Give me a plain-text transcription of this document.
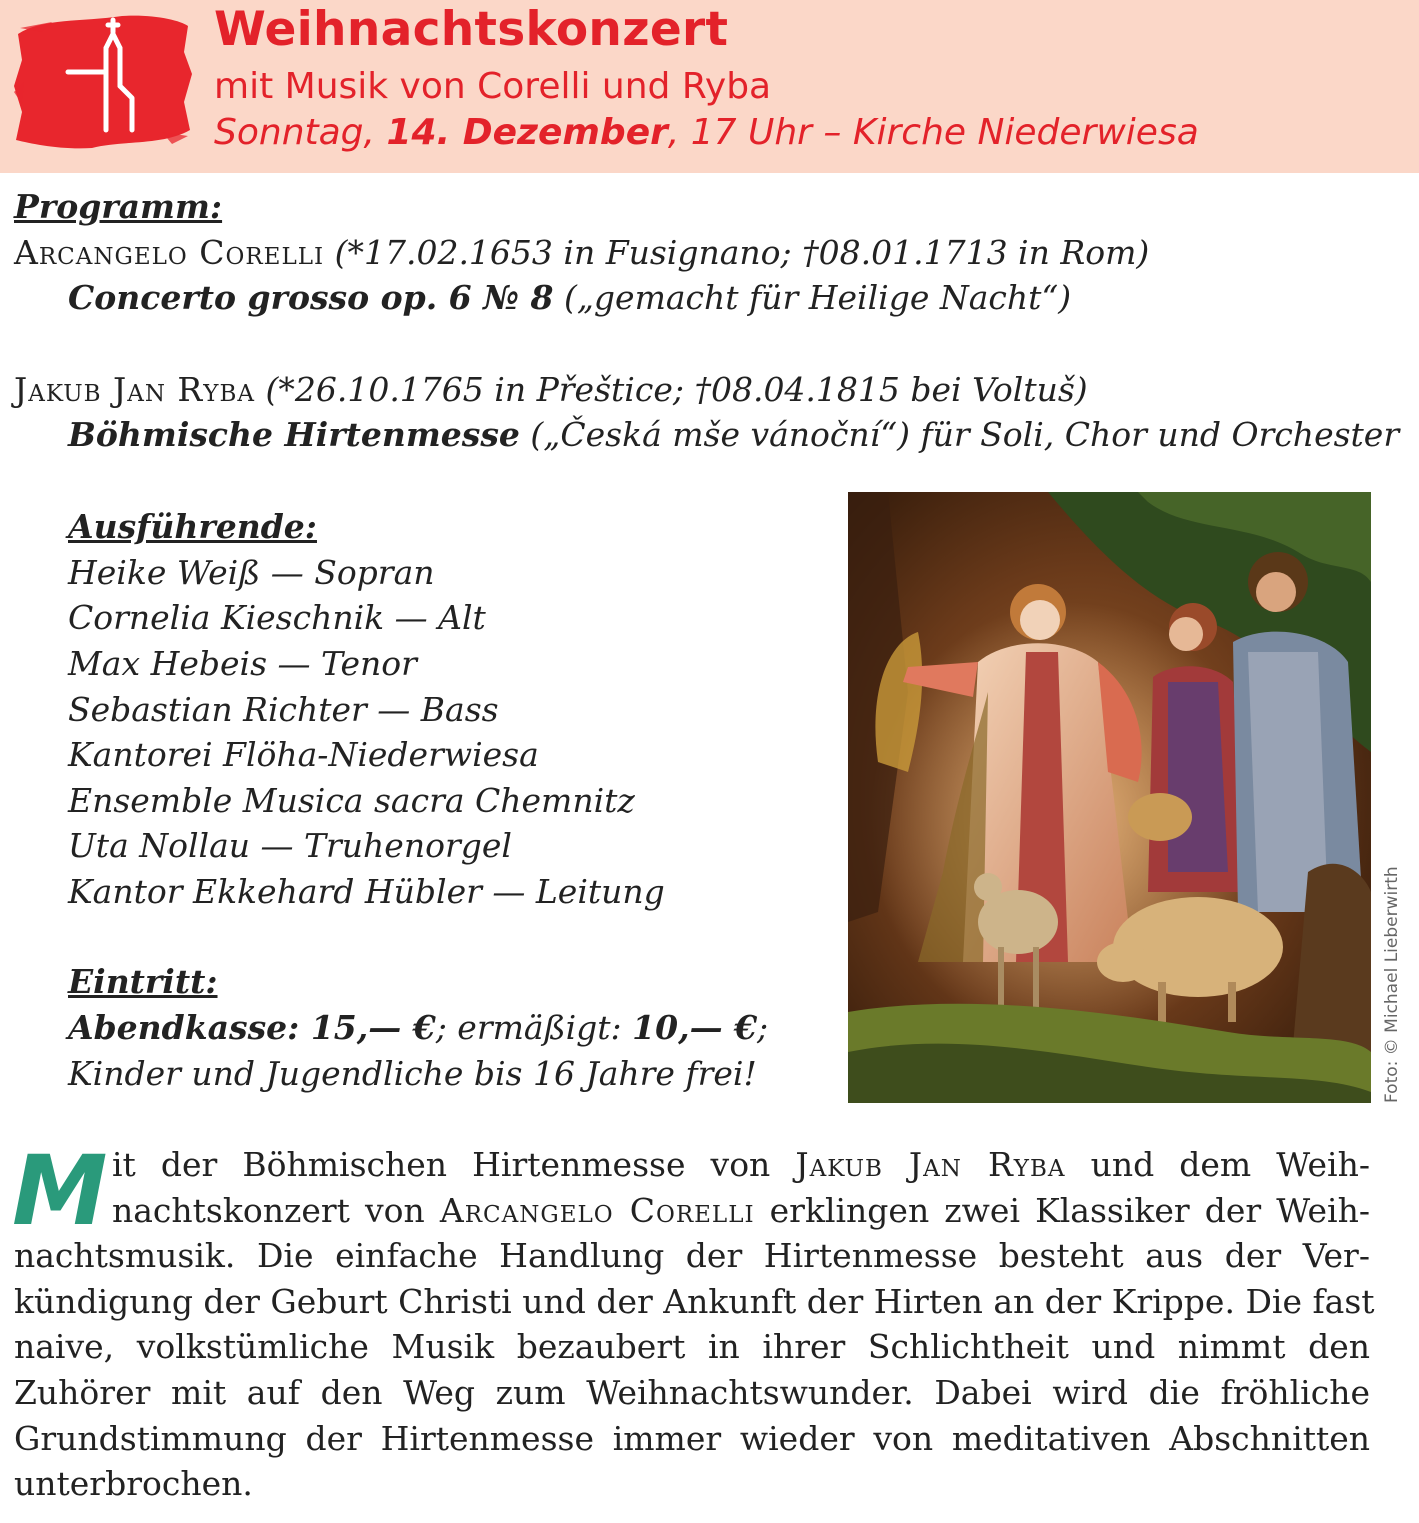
Weihnachtskonzert
mit Musik von Corelli und Ryba
Sonntag, 14. Dezember, 17 Uhr – Kirche Niederwiesa
Programm:
Arcangelo Corelli (*17.02.1653 in Fusignano; †08.01.1713 in Rom)
Concerto grosso op. 6 № 8 („gemacht für Heilige Nacht“)
Jakub Jan Ryba (*26.10.1765 in Přeštice; †08.04.1815 bei Voltuš)
Böhmische Hirtenmesse („Česká mše vánoční“) für Soli, Chor und Orchester
Ausführende:
Heike Weiß — Sopran
Cornelia Kieschnik — Alt
Max Hebeis — Tenor
Sebastian Richter — Bass
Kantorei Flöha-Niederwiesa
Ensemble Musica sacra Chemnitz
Uta Nollau — Truhenorgel
Kantor Ekkehard Hübler — Leitung
Eintritt:
Abendkasse: 15,— €; ermäßigt: 10,— €;
Kinder und Jugendliche bis 16 Jahre frei!	Foto: © Michael Lieberwirth
M it der Böhmischen Hirtenmesse von Jakub Jan Ryba und dem Weih-
nachtskonzert von Arcangelo Corelli erklingen zwei Klassiker der Weih-
nachtsmusik. Die einfache Handlung der Hirtenmesse besteht aus der Ver-
kündigung der Geburt Christi und der Ankunft der Hirten an der Krippe. Die fast
naive, volkstümliche Musik bezaubert in ihrer Schlichtheit und nimmt den
Zuhörer mit auf den Weg zum Weihnachtswunder. Dabei wird die fröhliche
Grundstimmung der Hirtenmesse immer wieder von meditativen Abschnitten
unterbrochen.
